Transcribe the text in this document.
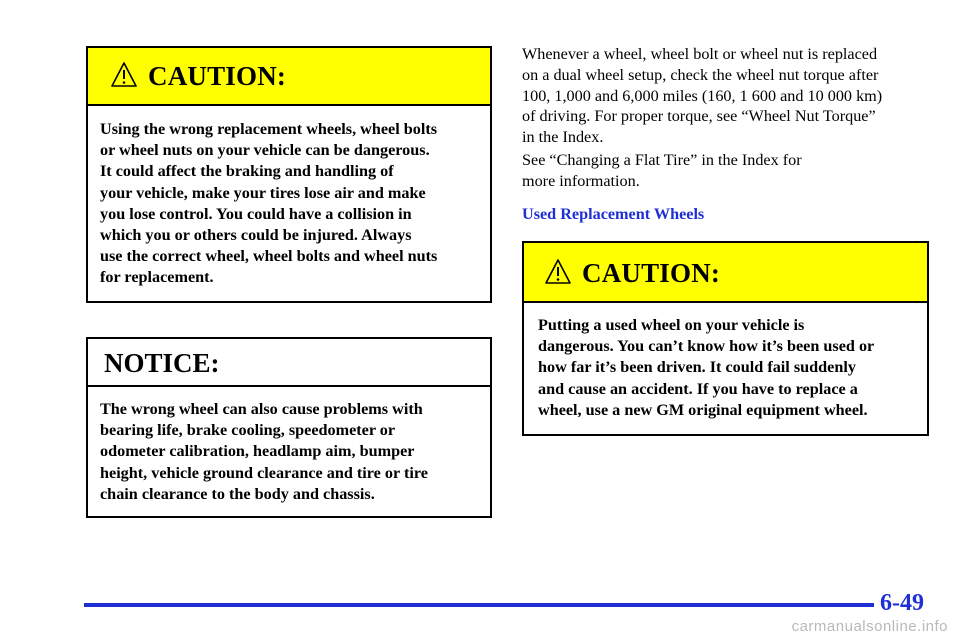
CAUTION:
Using the wrong replacement wheels, wheel bolts
or wheel nuts on your vehicle can be dangerous.
It could affect the braking and handling of
your vehicle, make your tires lose air and make
you lose control. You could have a collision in
which you or others could be injured. Always
use the correct wheel, wheel bolts and wheel nuts
for replacement.
NOTICE:
The wrong wheel can also cause problems with
bearing life, brake cooling, speedometer or
odometer calibration, headlamp aim, bumper
height, vehicle ground clearance and tire or tire
chain clearance to the body and chassis.
Whenever a wheel, wheel bolt or wheel nut is replaced
on a dual wheel setup, check the wheel nut torque after
100, 1,000 and 6,000 miles (160, 1 600 and 10 000 km)
of driving. For proper torque, see “Wheel Nut Torque”
in the Index.
See “Changing a Flat Tire” in the Index for
more information.
Used Replacement Wheels
CAUTION:
Putting a used wheel on your vehicle is
dangerous. You can’t know how it’s been used or
how far it’s been driven. It could fail suddenly
and cause an accident. If you have to replace a
wheel, use a new GM original equipment wheel.
6-49
carmanualsonline.info
